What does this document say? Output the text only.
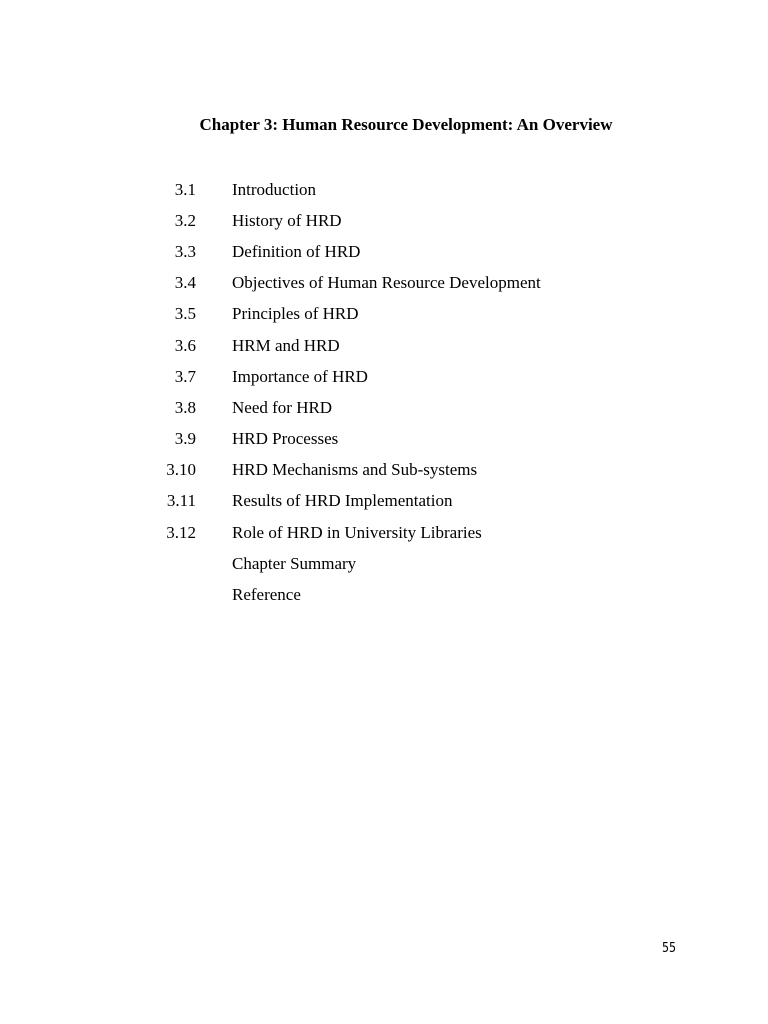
Chapter 3: Human Resource Development: An Overview
3.1 Introduction
3.2 History of HRD
3.3 Definition of HRD
3.4 Objectives of Human Resource Development
3.5 Principles of HRD
3.6 HRM and HRD
3.7 Importance of HRD
3.8 Need for HRD
3.9 HRD Processes
3.10 HRD Mechanisms and Sub-systems
3.11 Results of HRD Implementation
3.12 Role of HRD in University Libraries
Chapter Summary
Reference
55
